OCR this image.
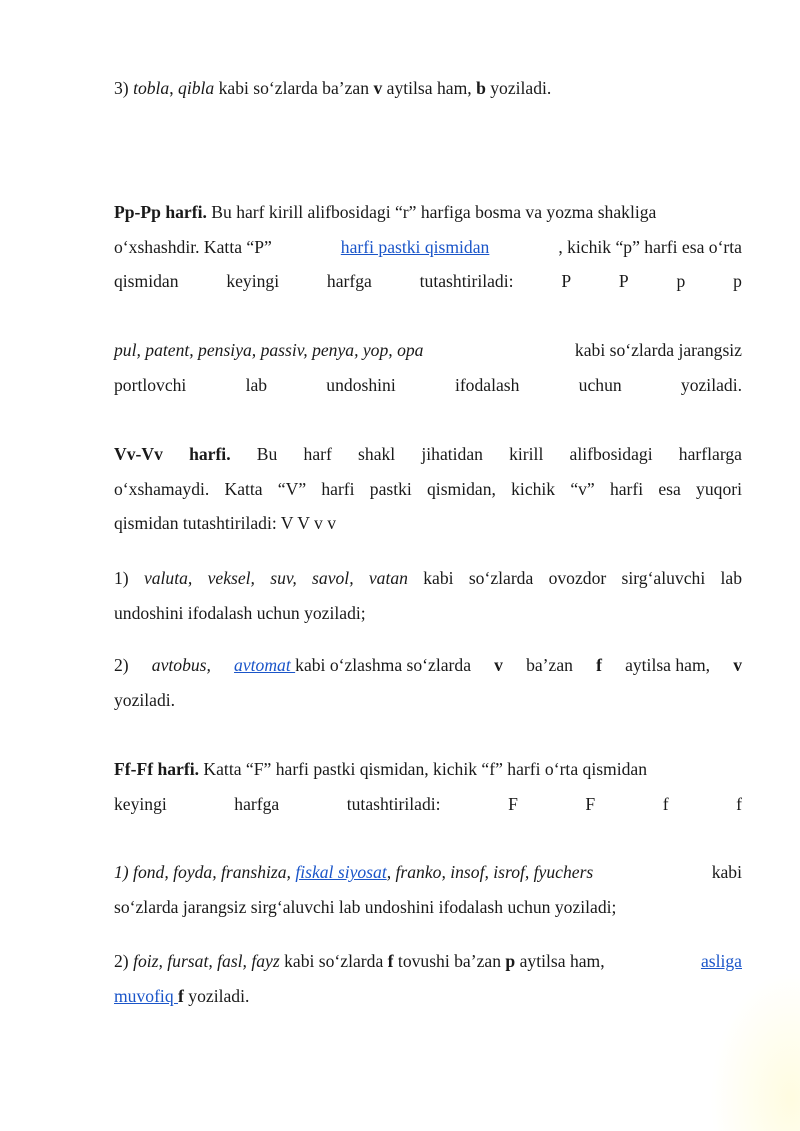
3) tobla, qibla kabi so‘zlarda ba’zan v aytilsa ham, b yoziladi.

Pp-Pp harfi. Bu harf kirill alifbosidagi “r” harfiga bosma va yozma shakliga
o‘xshashdir. Katta “P”	harfi pastki qismidan	, kichik “p” harfi esa o‘rta
qismidan	keyingi	harfga	tutashtiriladi:	P	P	p	p
pul, patent, pensiya, passiv, penya, yop, opa	kabi so‘zlarda jarangsiz
portlovchi	lab	undoshini	ifodalash	uchun	yoziladi.
Vv-Vv harfi. Bu harf shakl jihatidan kirill alifbosidagi harflarga
o‘xshamaydi. Katta “V” harfi pastki qismidan, kichik “v” harfi esa yuqori
qismidan tutashtiriladi: V V v v
1) valuta, veksel, suv, savol, vatan kabi so‘zlarda ovozdor sirg‘aluvchi lab
undoshini ifodalash uchun yoziladi;
2) avtobus, avtomat kabi o‘zlashma so‘zlarda v ba’zan f aytilsa ham, v
yoziladi.
Ff-Ff harfi. Katta “F” harfi pastki qismidan, kichik “f” harfi o‘rta qismidan
keyingi	harfga	tutashtiriladi:	F	F	f	f
1) fond, foyda, franshiza,
fiskal siyosat , franko, insof, isrof, fyuchers	kabi
so‘zlarda jarangsiz sirg‘aluvchi lab undoshini ifodalash uchun yoziladi;
2)
foiz, fursat, fasl, fayz kabi so‘zlarda f tovushi ba’zan p aytilsa ham,	asliga
muvofiq f yoziladi.
